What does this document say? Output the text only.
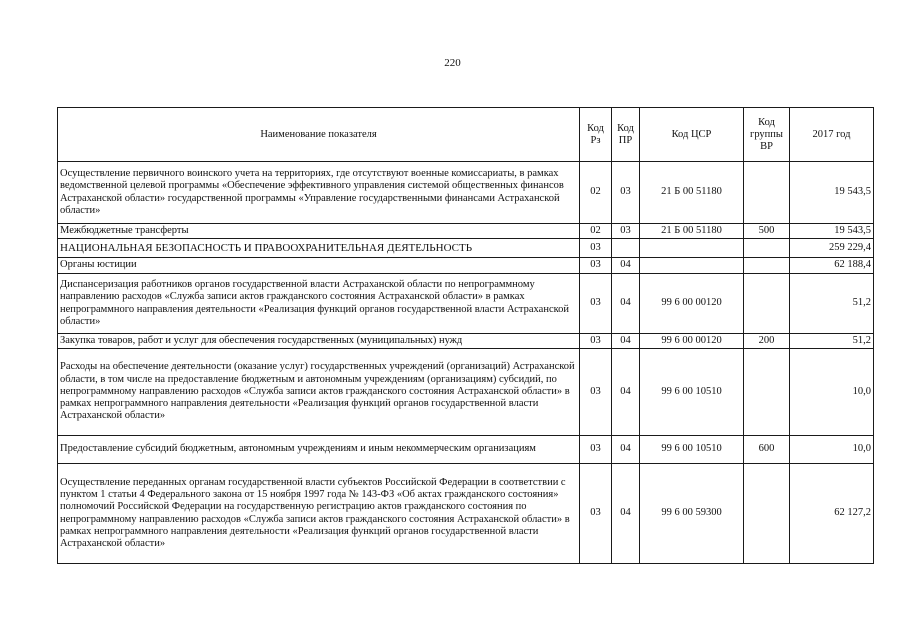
220
Наименование показателя	Код Рз	Код ПР	Код ЦСР	Код группы ВР	2017 год
Осуществление первичного воинского учета на территориях, где отсутствуют военные комиссариаты, в рамках ведомственной целевой программы «Обеспечение эффективного управления системой общественных финансов Астраханской области» государственной программы «Управление государственными финансами Астраханской области»	02	03	21 Б 00 51180		19 543,5
Межбюджетные трансферты	02	03	21 Б 00 51180	500	19 543,5
НАЦИОНАЛЬНАЯ БЕЗОПАСНОСТЬ И ПРАВООХРАНИТЕЛЬНАЯ ДЕЯТЕЛЬНОСТЬ	03				259 229,4
Органы юстиции	03	04			62 188,4
Диспансеризация работников органов государственной власти Астраханской области по непрограммному направлению расходов «Служба записи актов гражданского состояния Астраханской области» в рамках непрограммного направления деятельности «Реализация функций органов государственной власти Астраханской области»	03	04	99 6 00 00120		51,2
Закупка товаров, работ и услуг для обеспечения государственных (муниципальных) нужд	03	04	99 6 00 00120	200	51,2
Расходы на обеспечение деятельности (оказание услуг) государственных учреждений (организаций) Астраханской области, в том числе на предоставление бюджетным и автономным учреждениям (организациям) субсидий, по непрограммному направлению расходов «Служба записи актов гражданского состояния Астраханской области» в рамках непрограммного направления деятельности «Реализация функций органов государственной власти Астраханской области»	03	04	99 6 00 10510		10,0
Предоставление субсидий бюджетным, автономным учреждениям и иным некоммерческим организациям	03	04	99 6 00 10510	600	10,0
Осуществление переданных органам государственной власти субъектов Российской Федерации в соответствии с пунктом 1 статьи 4 Федерального закона от 15 ноября 1997 года № 143-ФЗ «Об актах гражданского состояния» полномочий Российской Федерации на государственную регистрацию актов гражданского состояния по непрограммному направлению расходов «Служба записи актов гражданского состояния Астраханской области» в рамках непрограммного направления деятельности «Реализация функций органов государственной власти Астраханской области»	03	04	99 6 00 59300		62 127,2
